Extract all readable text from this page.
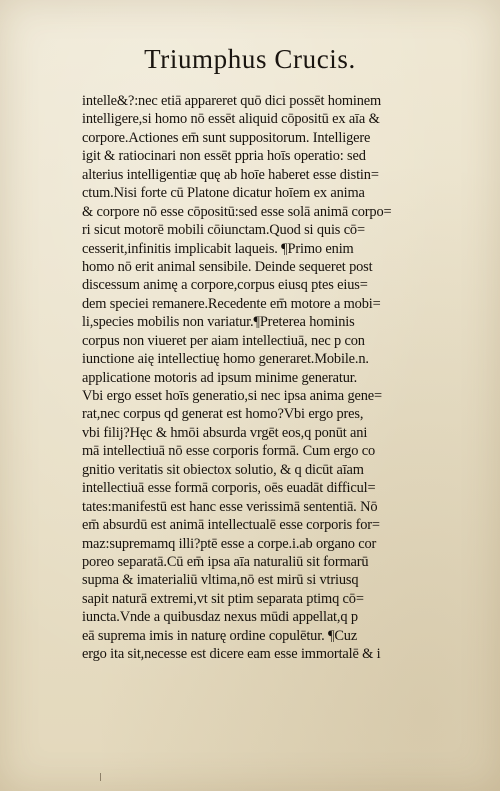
Triumphus Crucis.
intelle&?:nec etiā appareret quō dici possēt hominem
intelligere,si homo nō essēt aliquid cōpositū ex aīa &
corpore.Actiones em̄ sunt suppositorum. Intelligere
igit & ratiocinari non essēt ppria hoīs operatio: sed
alterius intelligentiæ quę ab hoīe haberet esse distin=
ctum.Nisi forte cū Platone dicatur hoīem ex anima
& corpore nō esse cōpositū:sed esse solā animā corpo=
ri sicut motorē mobili cōiunctam.Quod si quis cō=
cesserit,infinitis implicabit laqueis. ¶Primo enim
homo nō erit animal sensibile. Deinde sequeret post
discessum animę a corpore,corpus eiusq ptes eius=
dem speciei remanere.Recedente em̄ motore a mobi=
li,species mobilis non variatur.¶Preterea hominis
corpus non viueret per aiam intellectiuā, nec p con
iunctione aię intellectiuę homo generaret.Mobile.n.
applicatione motoris ad ipsum minime generatur.
Vbi ergo esset hoīs generatio,si nec ipsa anima gene=
rat,nec corpus qd generat est homo?Vbi ergo pres,
vbi filij?Hęc & hmōi absurda vrgēt eos,q ponūt ani
mā intellectiuā nō esse corporis formā. Cum ergo co
gnitio veritatis sit obiectox solutio, & q dicūt aīam
intellectiuā esse formā corporis, oēs euadāt difficul=
tates:manifestū est hanc esse verissimā sententiā. Nō
em̄ absurdū est animā intellectualē esse corporis for=
maz:supremamq illi?ptē esse a corpe.i.ab organo cor
poreo separatā.Cū em̄ ipsa aīa naturaliū sit formarū
supma & imaterialiū vltima,nō est mirū si vtriusq
sapit naturā extremi,vt sit ptim separata ptimq cō=
iuncta.Vnde a quibusdaz nexus mūdi appellat,q p
eā suprema imis in naturę ordine copulētur. ¶Cuz
ergo ita sit,necesse est dicere eam esse immortalē & i
